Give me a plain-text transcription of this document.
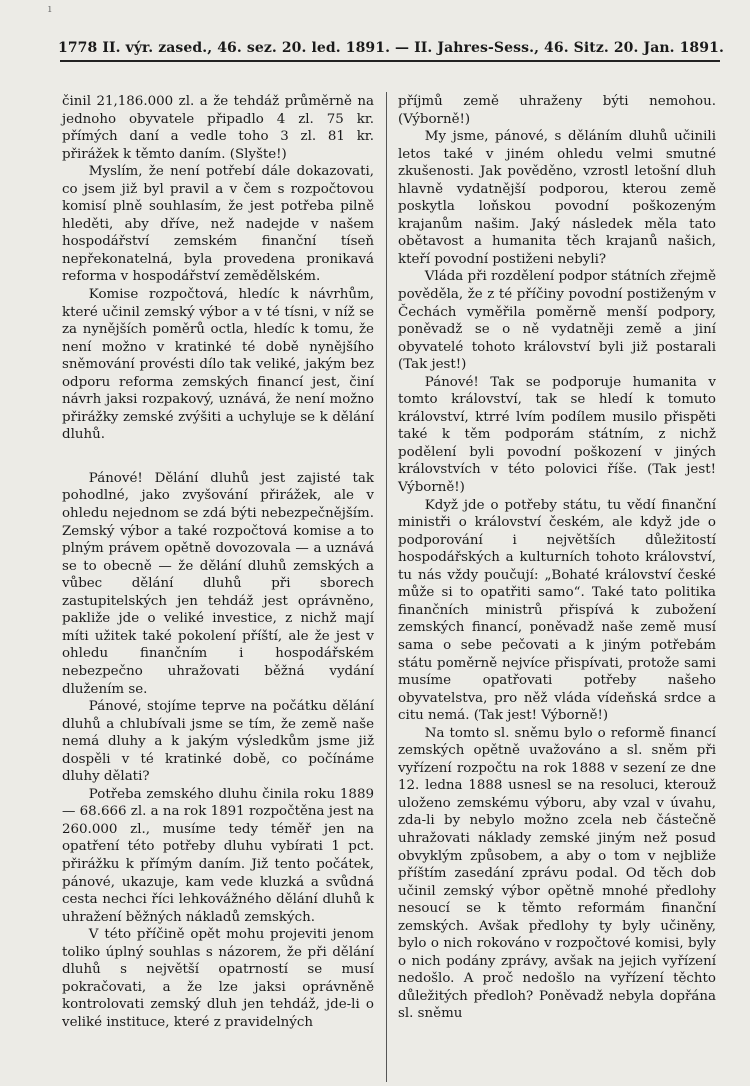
ı
1778 II. výr. zased., 46. sez. 20. led. 1891. — II. Jahres-Sess., 46. Sitz. 20. Jan. 1891.

činil 21,186.000 zl. a že tehdáž průměrně na jednoho obyvatele připadlo 4 zl. 75 kr. přímých daní a vedle toho 3 zl. 81 kr. přirážek k těmto daním. (Slyšte!)

Myslím, že není potřebí dále dokazovati, co jsem již byl pravil a v čem s rozpočtovou komisí plně souhlasím, že jest potřeba pilně hleděti, aby dříve, než nadejde v našem hospodářství zemském finanční tíseň nepřekonatelná, byla provedena pronikavá reforma v hospodářství zemědělském.

Komise rozpočtová, hledíc k návrhům, které učinil zemský výbor a v té tísni, v níž se za nynějších poměrů octla, hledíc k tomu, že není možno v kratinké té době nynějšího sněmování provésti dílo tak veliké, jakým bez odporu reforma zemských financí jest, činí návrh jaksi rozpakový, uznává, že není možno přirážky zemské zvýšiti a uchyluje se k dělání dluhů.

Pánové! Dělání dluhů jest zajisté tak pohodlné, jako zvyšování přirážek, ale v ohledu nejednom se zdá býti nebezpečnějším. Zemský výbor a také rozpočtová komise a to plným právem opětně dovozovala — a uznává se to obecně — že dělání dluhů zemských a vůbec dělání dluhů při sborech zastupitelských jen tehdáž jest oprávněno, pakliže jde o veliké investice, z nichž mají míti užitek také pokolení příští, ale že jest v ohledu finančním i hospodářském nebezpečno uhražovati běžná vydání dlužením se.

Pánové, stojíme teprve na počátku dělání dluhů a chlubívali jsme se tím, že země naše nemá dluhy a k jakým výsledkům jsme již dospěli v té kratinké době, co počínáme dluhy dělati?

Potřeba zemského dluhu činila roku 1889 — 68.666 zl. a na rok 1891 rozpočtěna jest na 260.000 zl., musíme tedy téměř jen na opatření této potřeby dluhu vybírati 1 pct. přirážku k přímým daním. Již tento počátek, pánové, ukazuje, kam vede kluzká a svůdná cesta nechci říci lehkovážného dělání dluhů k uhražení běžných nákladů zemských.

V této příčině opět mohu projeviti jenom toliko úplný souhlas s názorem, že při dělání dluhů s největší opatrností se musí pokračovati, a že lze jaksi oprávněně kontrolovati zemský dluh jen tehdáž, jde-li o veliké instituce, které z pravidelných

příjmů země uhraženy býti nemohou. (Výborně!)

My jsme, pánové, s děláním dluhů učinili letos také v jiném ohledu velmi smutné zkušenosti. Jak pověděno, vzrostl letošní dluh hlavně vydatnější podporou, kterou země poskytla loňskou povodní poškozeným krajanům našim. Jaký následek měla tato obětavost a humanita těch krajanů našich, kteří povodní postiženi nebyli?

Vláda při rozdělení podpor státních zřejmě pověděla, že z té příčiny povodní postiženým v Čechách vyměřila poměrně menší podpory, poněvadž se o ně vydatněji země a jiní obyvatelé tohoto království byli již postarali (Tak jest!)

Pánové! Tak se podporuje humanita v tomto království, tak se hledí k tomuto království, ktrré lvím podílem musilo přispěti také k těm podporám státním, z nichž podělení byli povodní poškození v jiných královstvích v této polovici říše. (Tak jest! Výborně!)

Když jde o potřeby státu, tu vědí finanční ministři o království českém, ale když jde o podporování i největších důležitostí hospodářských a kulturních tohoto království, tu nás vždy poučují: „Bohaté království české může si to opatřiti samo“. Také tato politika finančních ministrů přispívá k zubožení zemských financí, poněvadž naše země musí sama o sebe pečovati a k jiným potřebám státu poměrně nejvíce přispívati, protože sami musíme opatřovati potřeby našeho obyvatelstva, pro něž vláda vídeňská srdce a citu nemá. (Tak jest! Výborně!)

Na tomto sl. sněmu bylo o reformě financí zemských opětně uvažováno a sl. sněm při vyřízení rozpočtu na rok 1888 v sezení ze dne 12. ledna 1888 usnesl se na resoluci, kterouž uloženo zemskému výboru, aby vzal v úvahu, zda-li by nebylo možno zcela neb částečně uhražovati náklady zemské jiným než posud obvyklým způsobem, a aby o tom v nejbliže příštím zasedání zprávu podal. Od těch dob učinil zemský výbor opětně mnohé předlohy nesoucí se k těmto reformám finanční zemských. Avšak předlohy ty byly učiněny, bylo o nich rokováno v rozpočtové komisi, byly o nich podány zprávy, avšak na jejich vyřízení nedošlo. A proč nedošlo na vyřízení těchto důležitých předloh? Poněvadž nebyla dopřána sl. sněmu
